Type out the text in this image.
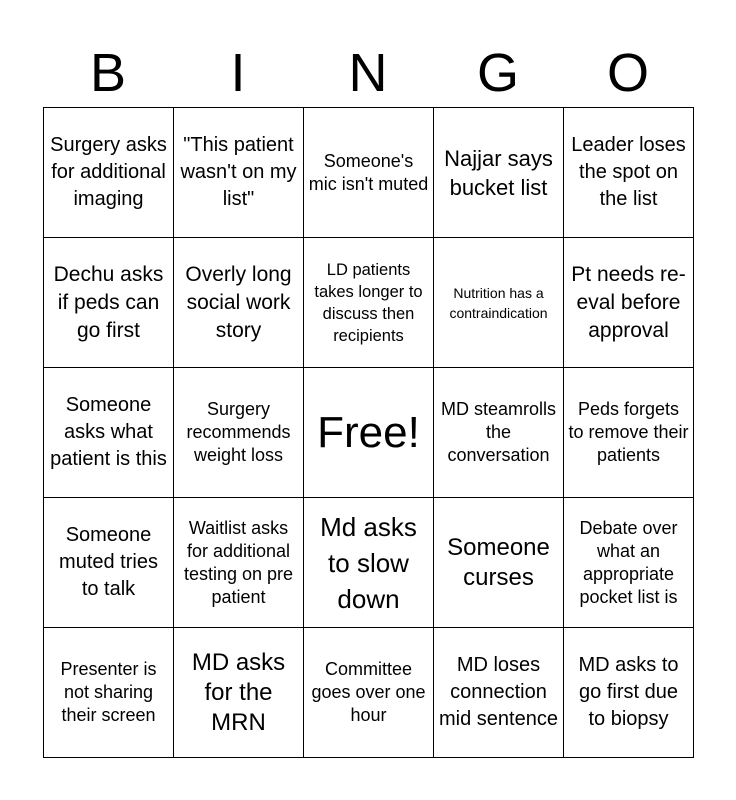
B	I	N	G	O
Surgery asks for additional imaging	"This patient wasn't on my list"	Someone's mic isn't muted	Najjar says bucket list	Leader loses the spot on the list
Dechu asks if peds can go first	Overly long social work story	LD patients takes longer to discuss then recipients	Nutrition has a contraindication	Pt needs re-eval before approval
Someone asks what patient is this	Surgery recommends weight loss	Free!	MD steamrolls the conversation	Peds forgets to remove their patients
Someone muted tries to talk	Waitlist asks for additional testing on pre patient	Md asks to slow down	Someone curses	Debate over what an appropriate pocket list is
Presenter is not sharing their screen	MD asks for the MRN	Committee goes over one hour	MD loses connection mid sentence	MD asks to go first due to biopsy
